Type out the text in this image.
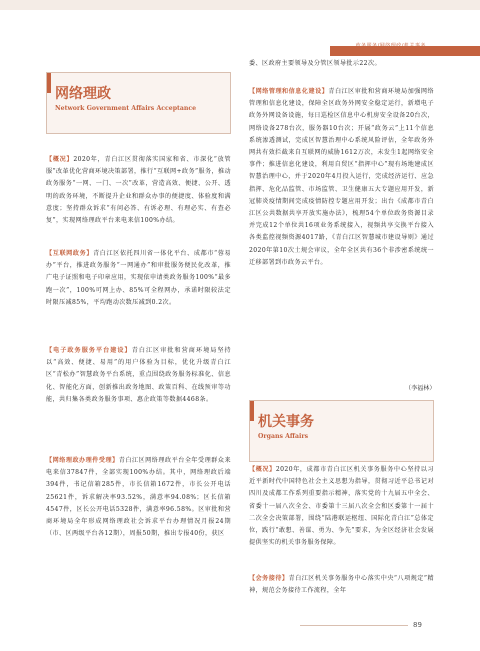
政务服务/网络理政/机关事务
网络理政
Network Government Affairs Acceptance
【概况】2020年，青白江区贯彻落实国家和省、市深化“放管服”改革优化营商环境决策部署，推行“互联网+政务”服务，推动政务服务“一网、一门、一次”改革，营造高效、便捷、公开、透明的政务环境，不断提升企业和群众办事的便捷度、体验度和满意度；坚持群众诉求“有问必答、有诉必理、有理必实、有查必复”，实现网络理政平台来电来信100%办结。
【互联网政务】青白江区依托四川省一体化平台、成都市“蓉易办”平台，推进政务服务“一网通办”和审批服务便民化改革，推广电子证照和电子印章应用，实现依申请类政务服务100%“最多跑一次”，100%可网上办、85%可全程网办，承诺时限较法定时限压减85%，平均跑动次数压减到0.2次。
【电子政务服务平台建设】青白江区审批和营商环境局坚持以“高效、便捷、易用”的用户体验为目标，优化升级青白江区“青松办”智慧政务平台系统，重点围绕政务服务标准化、信息化、智能化方面，创新推出政务地图、政策百科、在线预审等功能，共归集各类政务服务事项、惠企政策等数据4468条。
【网络理政办理件受理】青白江区网络理政平台全年受理群众来电来信37847件，全部实现100%办结。其中，网络理政后端394件，书记信箱285件，市长信箱1672件，市长公开电话25621件，诉求解决率93.52%，满意率94.08%；区长信箱4547件，区长公开电话5328件，满意率96.58%。区审批和营商环境局全年形成网络理政社会诉求平台办理情况月报24期（市、区两级平台各12期），周报50期，推出专报40份，获区
委、区政府主要领导及分管区领导批示22次。
【网络管理和信息化建设】青白江区审批和营商环境局加强网络管理和信息化建设，保障全区政务外网安全稳定运行，新增电子政务外网设备设施，每日巡检区信息中心机房安全设备20台次，网络设备278台次，服务器10台次；开展“政务云”上11个信息系统渗透测试，完成区智慧治理中心系统风险评估，全年政务外网共有效拦截来自互联网的威胁1612万次，未发生1起网络安全事件；推进信息化建设，利用自贸区“指挥中心”现有场地建成区智慧治理中心，并于2020年4月投入运行，完成经济运行、应急指挥、危化品监管、市场监管、卫生健康五大专题应用开发，新冠肺炎疫情期间完成疫情防控专题应用开发；出台《成都市青白江区公共数据共享开放实施办法》，梳理54个单位政务资源目录并完成12个单位共16项业务系统接入，视频共享交换平台接入各类监控视频资源4017路，《青白江区智慧城市建设导则》通过2020年第10次土规会审议，全年全区共有36个非涉密系统统一迁移部署到市政务云平台。
（李福林）
机关事务
Organs Affairs
【概况】2020年，成都市青白江区机关事务服务中心坚持以习近平新时代中国特色社会主义思想为指导，贯彻习近平总书记对四川及成都工作系列重要指示精神，落实党的十九届五中全会、省委十一届八次全会、市委第十三届八次全会和区委第十一届十二次全会决策部署，围绕“陆港联运枢纽、国际化青白江”总体定位，践行“敢想、善谋、勇为、争先”要求，为全区经济社会发展提供坚实的机关事务服务保障。
【会务接待】青白江区机关事务服务中心落实中央“八项规定”精神，规范会务接待工作流程，全年
89
